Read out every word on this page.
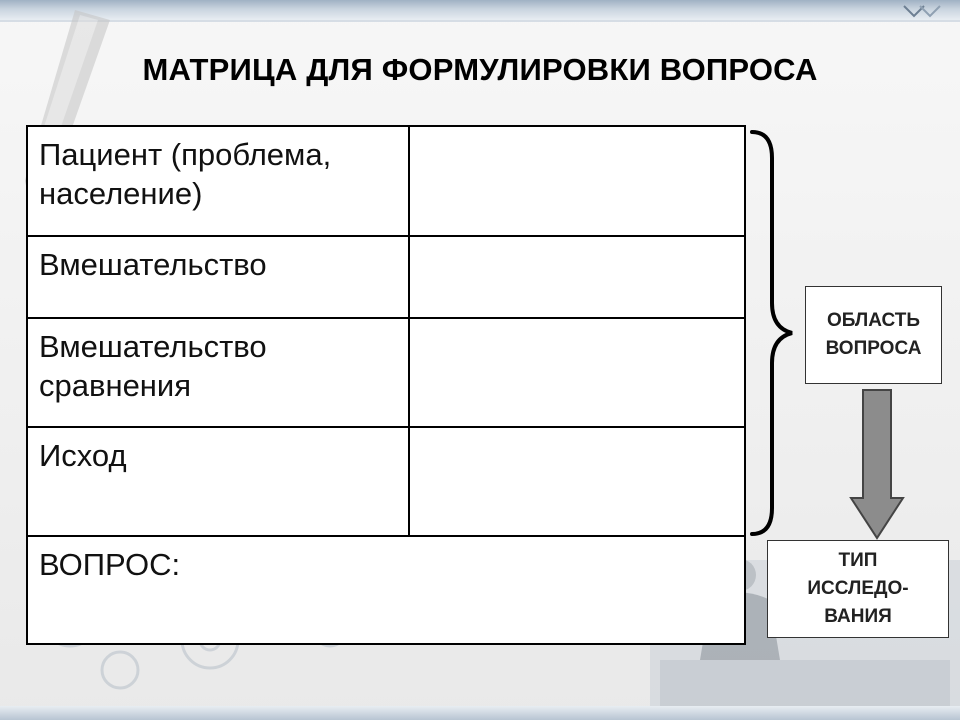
МАТРИЦА ДЛЯ ФОРМУЛИРОВКИ ВОПРОСА
Пациент (проблема,
население)
Вмешательство
Вмешательство
сравнения
Исход
ВОПРОС:
ОБЛАСТЬ
ВОПРОСА
ТИП
ИССЛЕДО-
ВАНИЯ
